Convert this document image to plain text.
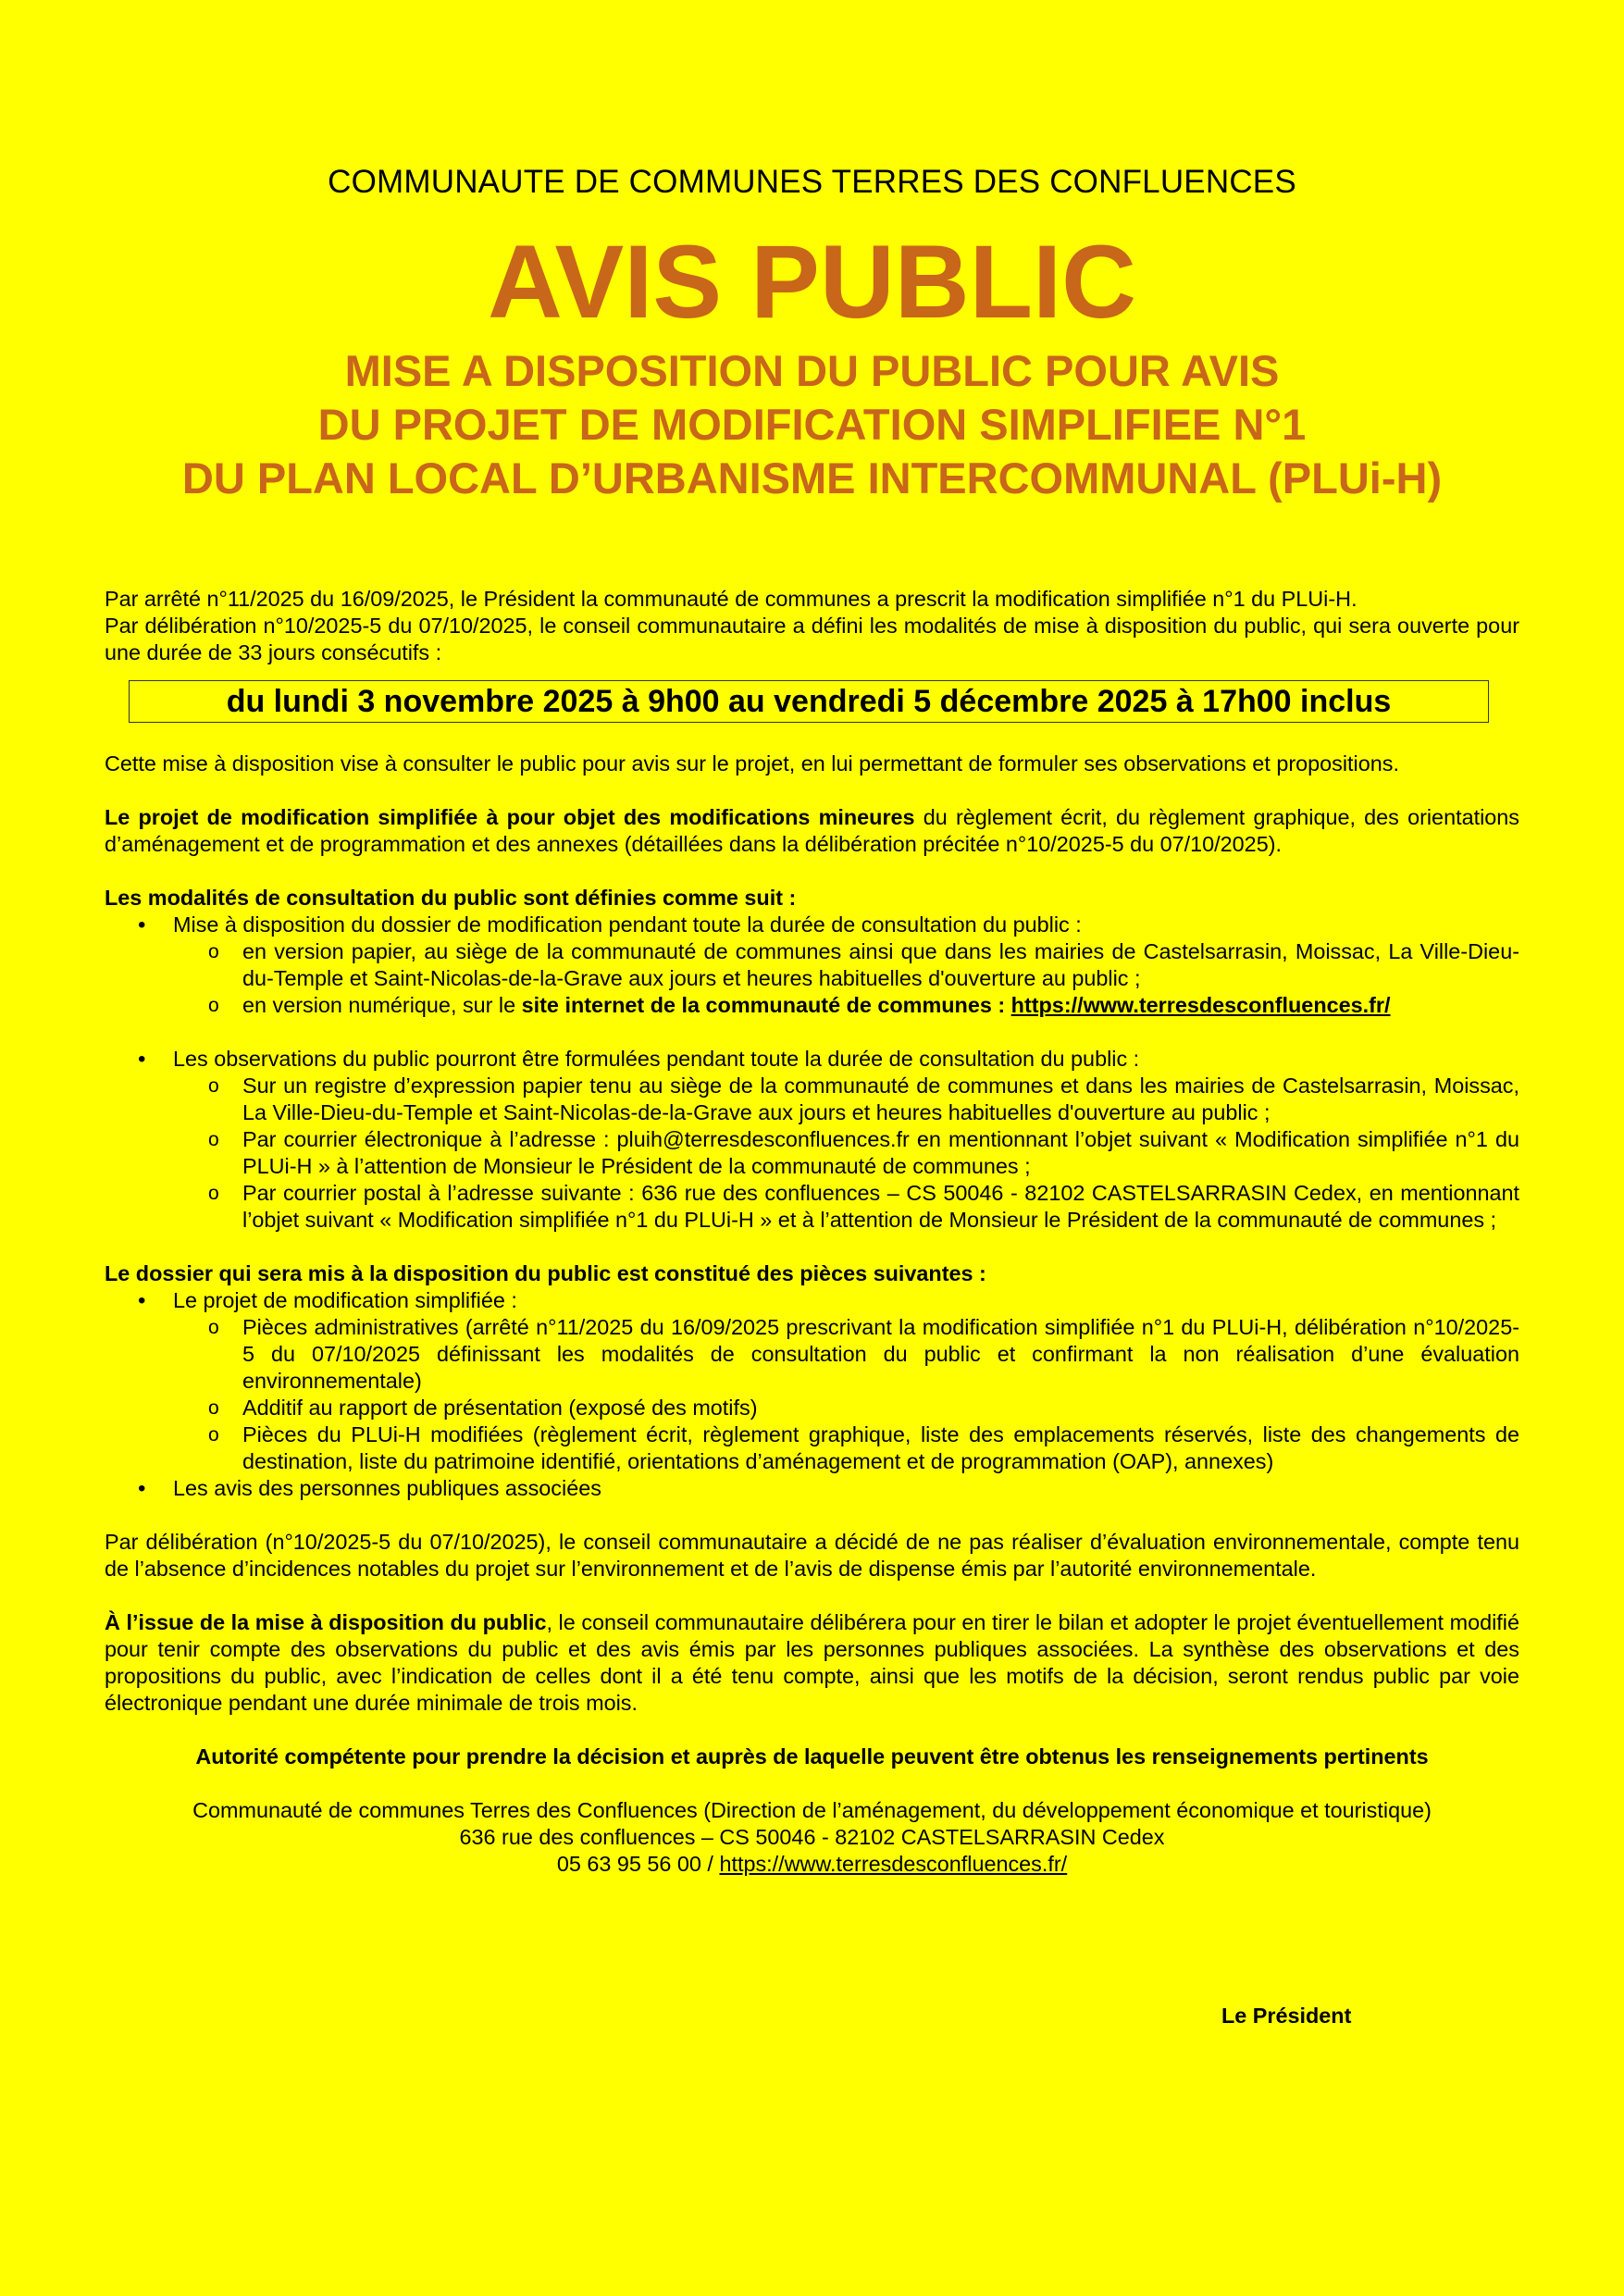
COMMUNAUTE DE COMMUNES TERRES DES CONFLUENCES
AVIS PUBLIC
MISE A DISPOSITION DU PUBLIC POUR AVIS
DU PROJET DE MODIFICATION SIMPLIFIEE N°1
DU PLAN LOCAL D’URBANISME INTERCOMMUNAL (PLUi-H)

Par arrêté n°11/2025 du 16/09/2025, le Président la communauté de communes a prescrit la modification simplifiée n°1 du PLUi-H.

Par délibération n°10/2025-5 du 07/10/2025, le conseil communautaire a défini les modalités de mise à disposition du public, qui sera ouverte pour une durée de 33 jours consécutifs :

du lundi 3 novembre 2025 à 9h00 au vendredi 5 décembre 2025 à 17h00 inclus

Cette mise à disposition vise à consulter le public pour avis sur le projet, en lui permettant de formuler ses observations et propositions.

Le projet de modification simplifiée à pour objet des modifications mineures du règlement écrit, du règlement graphique, des orientations d’aménagement et de programmation et des annexes (détaillées dans la délibération précitée n°10/2025-5 du 07/10/2025).

Les modalités de consultation du public sont définies comme suit :

• Mise à disposition du dossier de modification pendant toute la durée de consultation du public :
o en version papier, au siège de la communauté de communes ainsi que dans les mairies de Castelsarrasin, Moissac, La Ville-Dieu-du-Temple et Saint-Nicolas-de-la-Grave aux jours et heures habituelles d'ouverture au public ;
o en version numérique, sur le site internet de la communauté de communes : https://www.terresdesconfluences.fr/
• Les observations du public pourront être formulées pendant toute la durée de consultation du public :
o Sur un registre d’expression papier tenu au siège de la communauté de communes et dans les mairies de Castelsarrasin, Moissac, La Ville-Dieu-du-Temple et Saint-Nicolas-de-la-Grave aux jours et heures habituelles d'ouverture au public ;
o Par courrier électronique à l’adresse : pluih@terresdesconfluences.fr en mentionnant l’objet suivant « Modification simplifiée n°1 du PLUi-H » à l’attention de Monsieur le Président de la communauté de communes ;
o Par courrier postal à l’adresse suivante : 636 rue des confluences – CS 50046 - 82102 CASTELSARRASIN Cedex, en mentionnant l’objet suivant « Modification simplifiée n°1 du PLUi-H » et à l’attention de Monsieur le Président de la communauté de communes ;

Le dossier qui sera mis à la disposition du public est constitué des pièces suivantes :

• Le projet de modification simplifiée :
o Pièces administratives (arrêté n°11/2025 du 16/09/2025 prescrivant la modification simplifiée n°1 du PLUi-H, délibération n°10/2025-5 du 07/10/2025 définissant les modalités de consultation du public et confirmant la non réalisation d’une évaluation environnementale)
o Additif au rapport de présentation (exposé des motifs)
o Pièces du PLUi-H modifiées (règlement écrit, règlement graphique, liste des emplacements réservés, liste des changements de destination, liste du patrimoine identifié, orientations d’aménagement et de programmation (OAP), annexes)
• Les avis des personnes publiques associées

Par délibération (n°10/2025-5 du 07/10/2025), le conseil communautaire a décidé de ne pas réaliser d’évaluation environnementale, compte tenu de l’absence d’incidences notables du projet sur l’environnement et de l’avis de dispense émis par l’autorité environnementale.

À l’issue de la mise à disposition du public, le conseil communautaire délibérera pour en tirer le bilan et adopter le projet éventuellement modifié pour tenir compte des observations du public et des avis émis par les personnes publiques associées. La synthèse des observations et des propositions du public, avec l’indication de celles dont il a été tenu compte, ainsi que les motifs de la décision, seront rendus public par voie électronique pendant une durée minimale de trois mois.

Autorité compétente pour prendre la décision et auprès de laquelle peuvent être obtenus les renseignements pertinents

Communauté de communes Terres des Confluences (Direction de l’aménagement, du développement économique et touristique)

636 rue des confluences – CS 50046 - 82102 CASTELSARRASIN Cedex

05 63 95 56 00 / https://www.terresdesconfluences.fr/

Le Président
